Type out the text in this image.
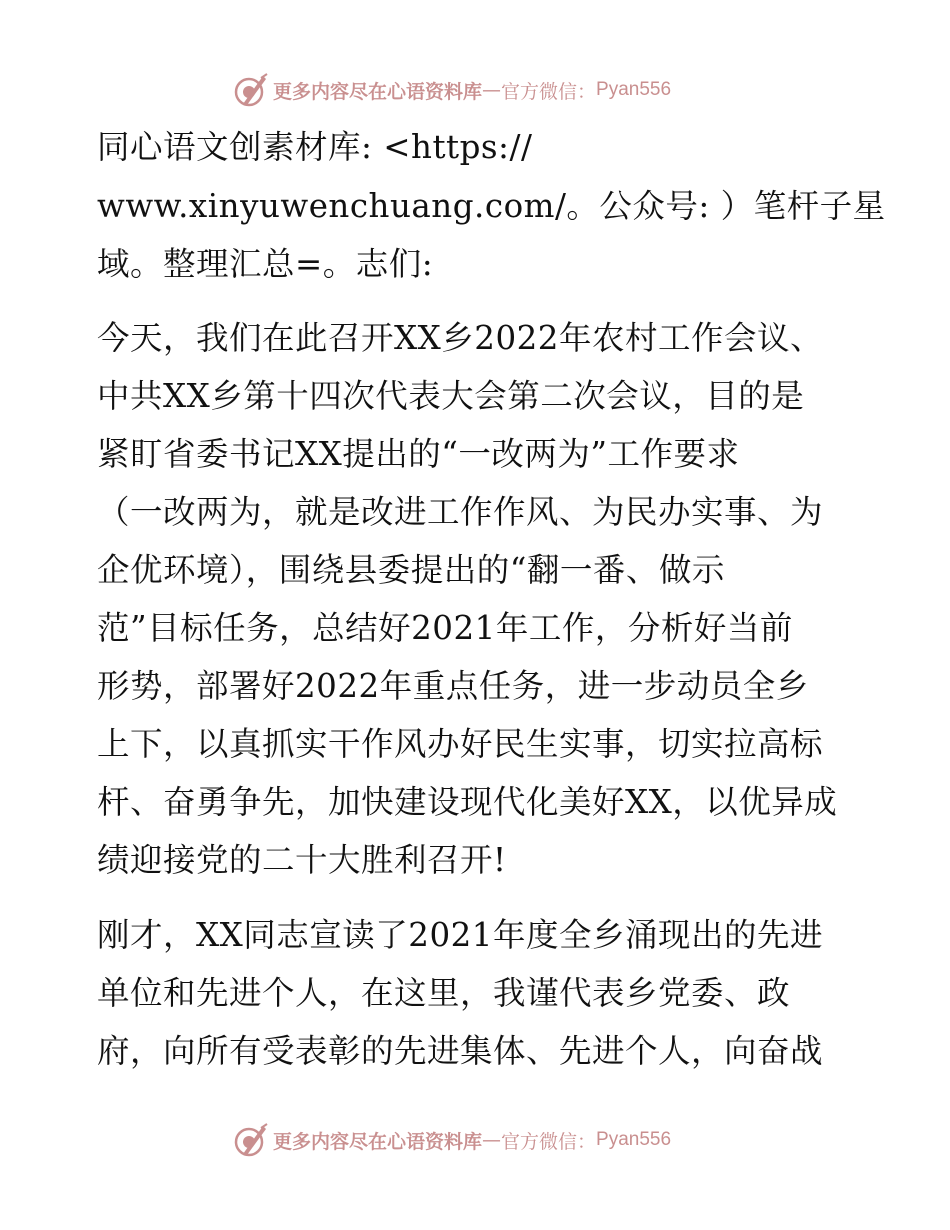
更多内容尽在心语资料库 — 官方微信： Pyan556
同心语文创素材库: <https://
www.xinyuwenchuang.com/。公众号: ）笔杆子星
域。整理汇总=。志们:
今天，我们在此召开XX乡2022年农村工作会议、
中共XX乡第十四次代表大会第二次会议，目的是
紧盯省委书记XX提出的“一改两为”工作要求
（一改两为，就是改进工作作风、为民办实事、为
企优环境），围绕县委提出的“翻一番、做示
范”目标任务，总结好2021年工作，分析好当前
形势，部署好2022年重点任务，进一步动员全乡
上下，以真抓实干作风办好民生实事，切实拉高标
杆、奋勇争先，加快建设现代化美好XX，以优异成
绩迎接党的二十大胜利召开!
刚才，XX同志宣读了2021年度全乡涌现出的先进
单位和先进个人，在这里，我谨代表乡党委、政
府，向所有受表彰的先进集体、先进个人，向奋战
更多内容尽在心语资料库 — 官方微信： Pyan556
